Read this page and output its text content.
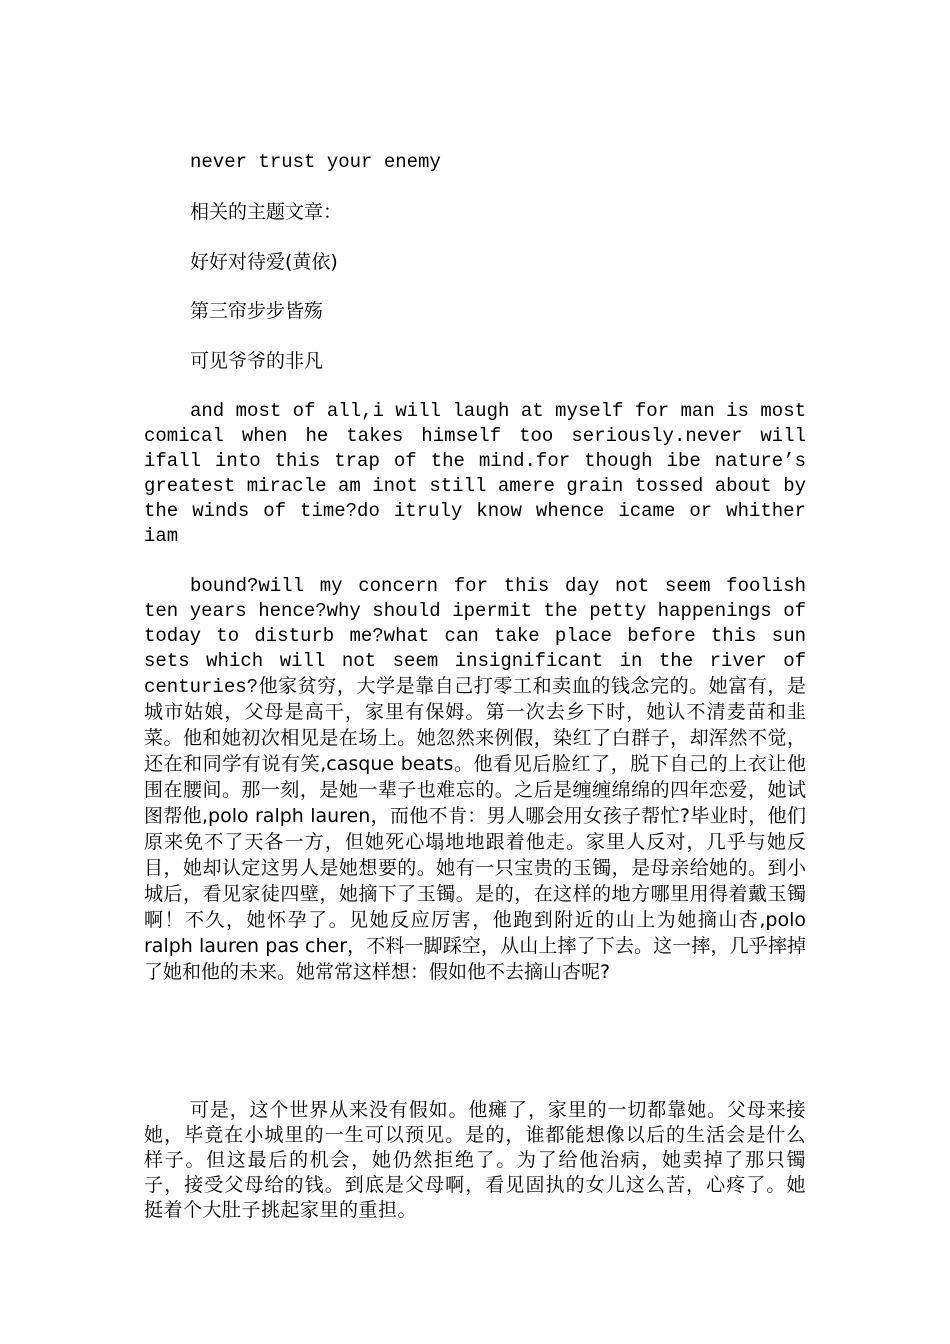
never trust your enemy
相关的主题文章：
好好对待爱(黄依)
第三帘步步皆殇
可见爷爷的非凡
and most of all,i will laugh at myself for man is most comical when he takes himself too seriously.never will ifall into this trap of the mind.for though ibe nature’s greatest miracle am inot still amere grain tossed about by the winds of time?do itruly know whence icame or whither iam
bound?will my concern for this day not seem foolish ten years hence?why should ipermit the petty happenings of today to disturb me?what can take place before this sun sets which will not seem insignificant in the river of centuries?他家贫穷，大学是靠自己打零工和卖血的钱念完的。她富有，是城市姑娘，父母是高干，家里有保姆。第一次去乡下时，她认不清麦苗和韭菜。他和她初次相见是在场上。她忽然来例假，染红了白群子，却浑然不觉，还在和同学有说有笑,casque beats。他看见后脸红了，脱下自己的上衣让他围在腰间。那一刻，是她一辈子也难忘的。之后是缠缠绵绵的四年恋爱，她试图帮他,polo ralph lauren，而他不肯：男人哪会用女孩子帮忙?毕业时，他们原来免不了天各一方，但她死心塌地地跟着他走。家里人反对，几乎与她反目，她却认定这男人是她想要的。她有一只宝贵的玉镯，是母亲给她的。到小城后，看见家徒四壁，她摘下了玉镯。是的，在这样的地方哪里用得着戴玉镯啊！不久，她怀孕了。见她反应厉害，他跑到附近的山上为她摘山杏,polo ralph lauren pas cher，不料一脚踩空，从山上摔了下去。这一摔，几乎摔掉了她和他的未来。她常常这样想：假如他不去摘山杏呢?
可是，这个世界从来没有假如。他瘫了，家里的一切都靠她。父母来接她，毕竟在小城里的一生可以预见。是的，谁都能想像以后的生活会是什么样子。但这最后的机会，她仍然拒绝了。为了给他治病，她卖掉了那只镯子，接受父母给的钱。到底是父母啊，看见固执的女儿这么苦，心疼了。她挺着个大肚子挑起家里的重担。
